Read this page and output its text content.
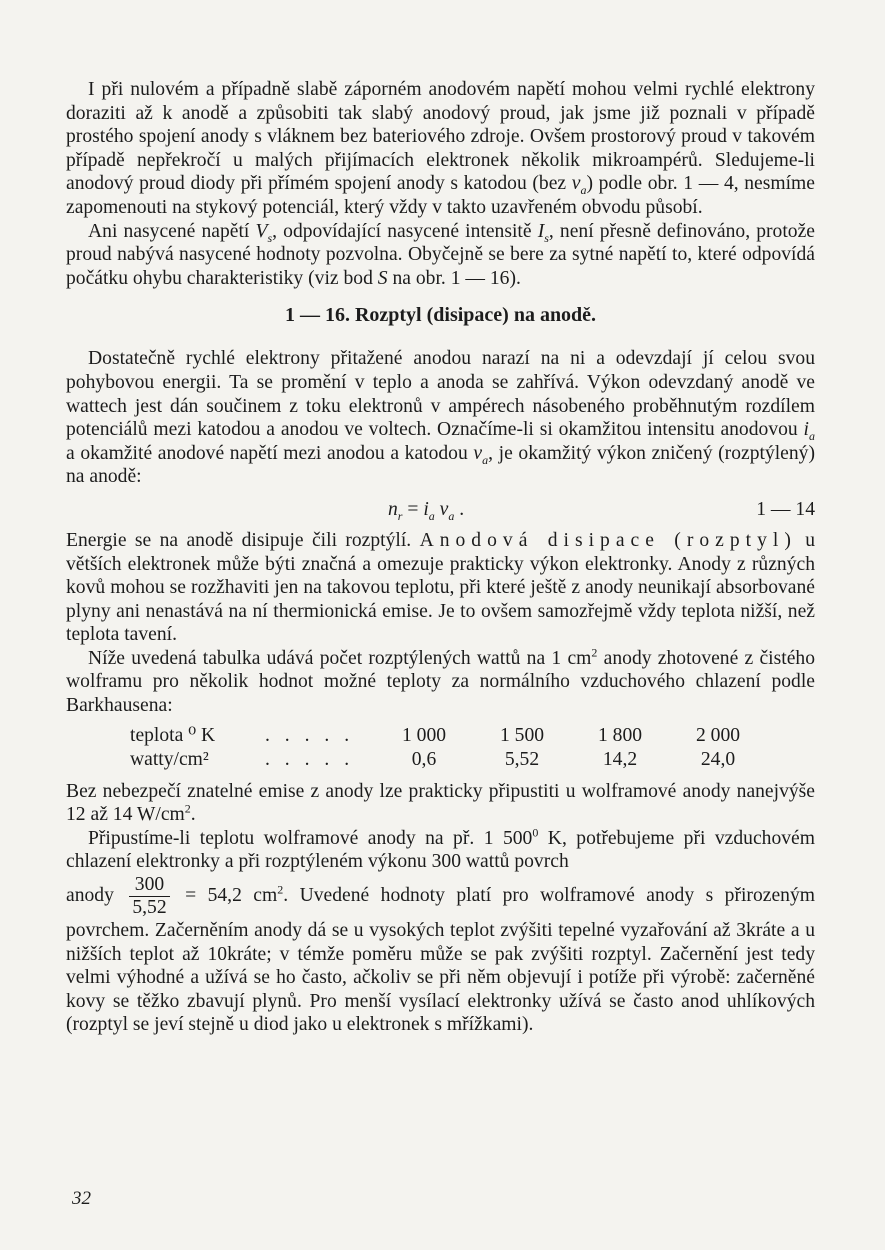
I při nulovém a případně slabě záporném anodovém napětí mohou velmi rychlé elektrony doraziti až k anodě a způsobiti tak slabý anodový proud, jak jsme již poznali v případě prostého spojení anody s vláknem bez bateriového zdroje. Ovšem prostorový proud v takovém případě nepřekročí u malých přijímacích elektronek několik mikroampérů. Sledujeme-li anodový proud diody při přímém spojení anody s katodou (bez $v_a$) podle obr. 1 — 4, nesmíme zapomenouti na stykový potenciál, který vždy v takto uzavřeném obvodu působí.

Ani nasycené napětí $V_s$, odpovídající nasycené intensitě $I_s$, není přesně definováno, protože proud nabývá nasycené hodnoty pozvolna. Obyčejně se bere za sytné napětí to, které odpovídá počátku ohybu charakteristiky (viz bod S na obr. 1 — 16).

1 — 16. Rozptyl (disipace) na anodě.

Dostatečně rychlé elektrony přitažené anodou narazí na ni a odevzdají jí celou svou pohybovou energii. Ta se promění v teplo a anoda se zahřívá. Výkon odevzdaný anodě ve wattech jest dán součinem z toku elektronů v ampérech násobeného proběhnutým rozdílem potenciálů mezi katodou a anodou ve voltech. Označíme-li si okamžitou intensitu anodovou $i_a$ a okamžité anodové napětí mezi anodou a katodou $v_a$, je okamžitý výkon zničený (rozptýlený) na anodě:

$n_r = i_a$ $v_a$ .	1 — 14

Energie se na anodě disipuje čili rozptýlí. Anodová disipace (rozptyl) u větších elektronek může býti značná a omezuje prakticky výkon elektronky. Anody z různých kovů mohou se rozžhaviti jen na takovou teplotu, při které ještě z anody neunikají absorbované plyny ani nenastává na ní thermionická emise. Je to ovšem samozřejmě vždy teplota nižší, než teplota tavení.

Níže uvedená tabulka udává počet rozptýlených wattů na 1 $cm^2$ anody zhotovené z čistého wolframu pro několik hodnot možné teploty za normálního vzduchového chlazení podle Barkhausena:

teplota ⁰ K	. . . . .	1 000	1 500	1 800	2 000
watty/cm²	. . . . .	0,6	5,52	14,2	24,0

Bez nebezpečí znatelné emise z anody lze prakticky připustiti u wolframové anody nanejvýše 12 až 14 $W/cm^2$.

Připustíme-li teplotu wolframové anody na př. 1 $500^0$ K, potřebujeme při vzduchovém chlazení elektronky a při rozptýleném výkonu 300 wattů povrch

anody $\frac{300}{5,52} = 54,2$ $cm^2$. Uvedené hodnoty platí pro wolframové anody s přirozeným povrchem. Začerněním anody dá se u vysokých teplot zvýšiti tepelné vyzařování až 3kráte a u nižších teplot až 10kráte; v témže poměru může se pak zvýšiti rozptyl. Začernění jest tedy velmi výhodné a užívá se ho často, ačkoliv se při něm objevují i potíže při výrobě: začerněné kovy se těžko zbavují plynů. Pro menší vysílací elektronky užívá se často anod uhlíkových (rozptyl se jeví stejně u diod jako u elektronek s mřížkami).

32
